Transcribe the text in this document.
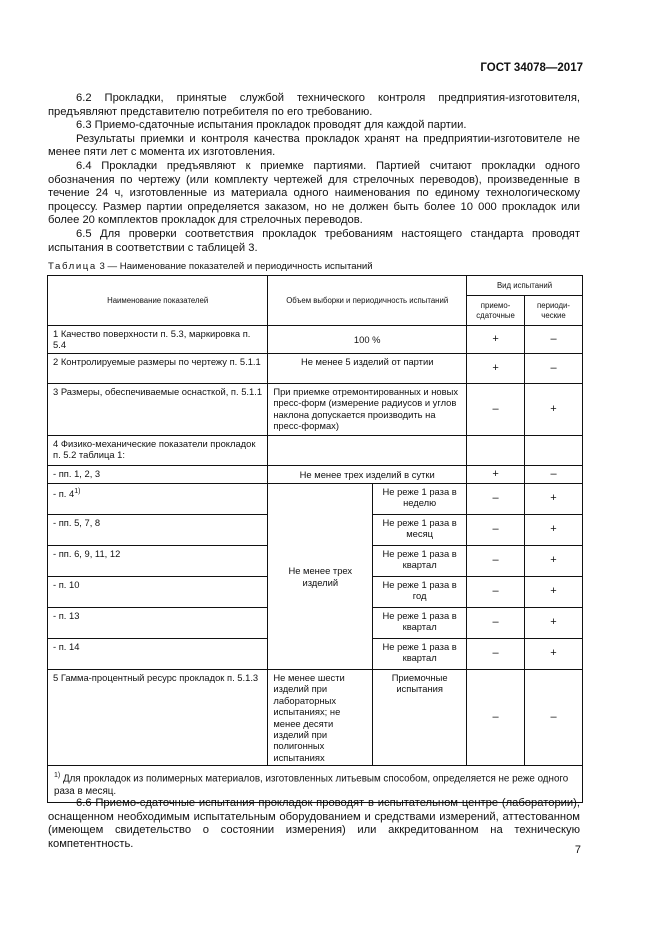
ГОСТ 34078—2017

6.2 Прокладки, принятые службой технического контроля предприятия-изготовителя, предъявляют представителю потребителя по его требованию.

6.3 Приемо-сдаточные испытания прокладок проводят для каждой партии.

Результаты приемки и контроля качества прокладок хранят на предприятии-изготовителе не менее пяти лет с момента их изготовления.

6.4 Прокладки предъявляют к приемке партиями. Партией считают прокладки одного обозначения по чертежу (или комплекту чертежей для стрелочных переводов), произведенные в течение 24 ч, изготовленные из материала одного наименования по единому технологическому процессу. Размер партии определяется заказом, но не должен быть более 10 000 прокладок или более 20 комплектов прокладок для стрелочных переводов.

6.5 Для проверки соответствия прокладок требованиям настоящего стандарта проводят испытания в соответствии с таблицей 3.

Таблица 3 — Наименование показателей и периодичность испытаний
Наименование показателей	Объем выборки и периодичность испытаний		Вид испытаний	
			приемо-сдаточные	периоди-ческие
1 Качество поверхности п. 5.3, маркировка п. 5.4	100 %		+	–
2 Контролируемые размеры по чертежу п. 5.1.1	Не менее 5 изделий от партии		+	–
3 Размеры, обеспечиваемые оснасткой, п. 5.1.1	При приемке отремонтированных и новых пресс-форм (измерение радиусов и углов наклона допускается производить на пресс-формах)		–	+
4 Физико-механические показатели прокладок п. 5.2 таблица 1:				
- пп. 1, 2, 3	Не менее трех изделий в сутки		+	–
- п. 4$^{1)}$	Не менее трех изделий	Не реже 1 раза в неделю	–	+
- пп. 5, 7, 8		Не реже 1 раза в месяц	–	+
- пп. 6, 9, 11, 12		Не реже 1 раза в квартал	–	+
- п. 10		Не реже 1 раза в год	–	+
- п. 13		Не реже 1 раза в квартал	–	+
- п. 14		Не реже 1 раза в квартал	–	+
5 Гамма-процентный ресурс прокладок п. 5.1.3	Не менее шести изделий при лабораторных испытаниях; не менее десяти изделий при полигонных испытаниях	Приемочные испытания	–	–
$^{1)}$ Для прокладок из полимерных материалов, изготовленных литьевым способом, определяется не реже одного раза в месяц.				

6.6 Приемо-сдаточные испытания прокладок проводят в испытательном центре (лаборатории), оснащенном необходимым испытательным оборудованием и средствами измерений, аттестованном (имеющем свидетельство о состоянии измерения) или аккредитованном на техническую компетентность.

7
